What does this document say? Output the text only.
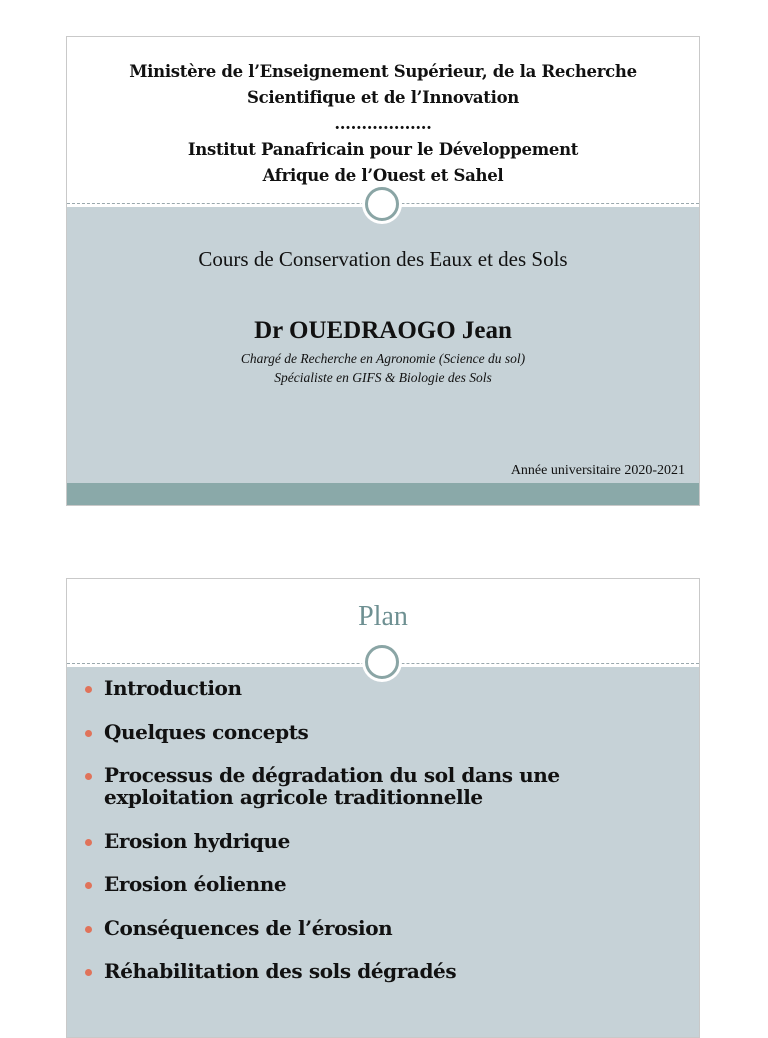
Ministère de l’Enseignement Supérieur, de la Recherche
Scientifique et de l’Innovation
………………
Institut Panafricain pour le Développement
Afrique de l’Ouest et Sahel
Cours de Conservation des Eaux et des Sols
Dr OUEDRAOGO Jean
Chargé de Recherche en Agronomie (Science du sol)
Spécialiste en GIFS & Biologie des Sols
Année universitaire 2020-2021
Plan
Introduction
Quelques concepts
Processus de dégradation du sol dans une exploitation agricole traditionnelle
Erosion hydrique
Erosion éolienne
Conséquences de l’érosion
Réhabilitation des sols dégradés
